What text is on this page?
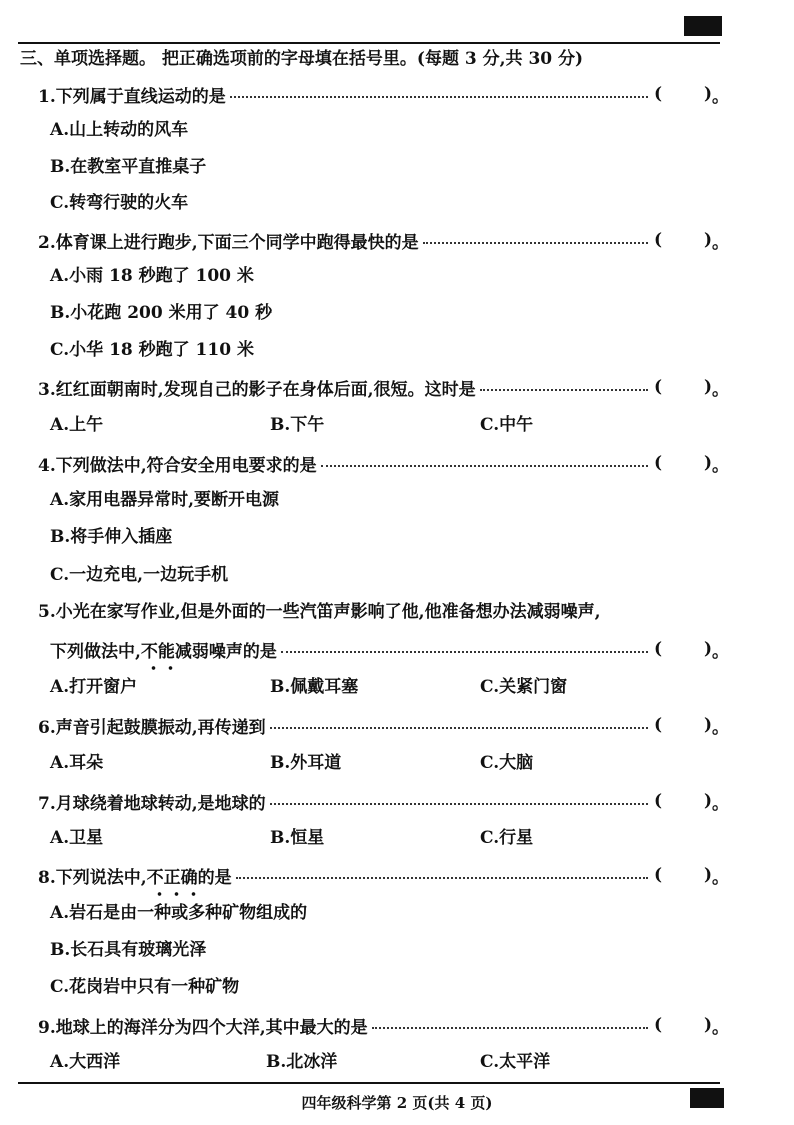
三、单项选择题。 把正确选项前的字母填在括号里。(每题 3 分,共 30 分)
1.下列属于直线运动的是	( ) 。
A.山上转动的风车
B.在教室平直推桌子
C.转弯行驶的火车
2.体育课上进行跑步,下面三个同学中跑得最快的是	( ) 。
A.小雨 18 秒跑了 100 米
B.小花跑 200 米用了 40 秒
C.小华 18 秒跑了 110 米
3.红红面朝南时,发现自己的影子在身体后面,很短。这时是	( ) 。
A.上午	B.下午	C.中午
4.下列做法中,符合安全用电要求的是	( ) 。
A.家用电器异常时,要断开电源
B.将手伸入插座
C.一边充电,一边玩手机
5.小光在家写作业,但是外面的一些汽笛声影响了他,他准备想办法减弱噪声,
下列做法中,不能减弱噪声的是	( ) 。
A.打开窗户	B.佩戴耳塞	C.关紧门窗
6.声音引起鼓膜振动,再传递到	( ) 。
A.耳朵	B.外耳道	C.大脑
7.月球绕着地球转动,是地球的	( ) 。
A.卫星	B.恒星	C.行星
8.下列说法中,不正确的是	( ) 。
A.岩石是由一种或多种矿物组成的
B.长石具有玻璃光泽
C.花岗岩中只有一种矿物
9.地球上的海洋分为四个大洋,其中最大的是	( ) 。
A.大西洋	B.北冰洋	C.太平洋
四年级科学第 2 页(共 4 页)
